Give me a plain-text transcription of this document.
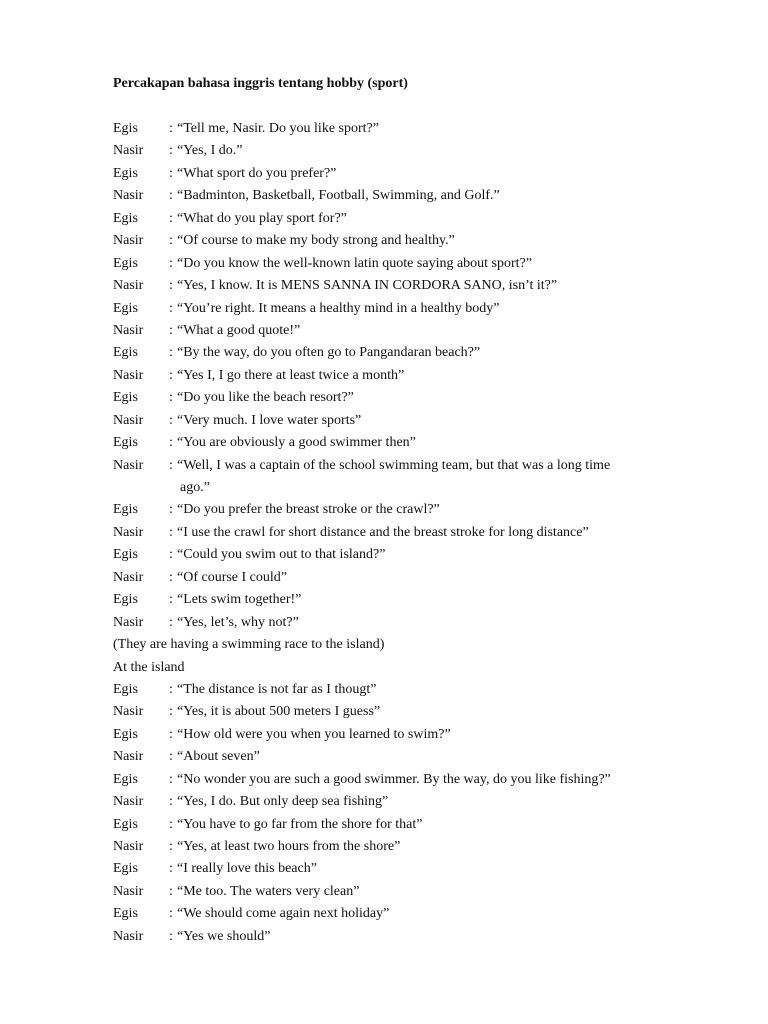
Percakapan bahasa inggris tentang hobby (sport)
Egis : “Tell me, Nasir. Do you like sport?”
Nasir : “Yes, I do.”
Egis : “What sport do you prefer?”
Nasir : “Badminton, Basketball, Football, Swimming, and Golf.”
Egis : “What do you play sport for?”
Nasir : “Of course to make my body strong and healthy.”
Egis : “Do you know the well-known latin quote saying about sport?”
Nasir : “Yes, I know. It is MENS SANNA IN CORDORA SANO, isn’t it?”
Egis : “You’re right. It means a healthy mind in a healthy body”
Nasir : “What a good quote!”
Egis : “By the way, do you often go to Pangandaran beach?”
Nasir : “Yes I, I go there at least twice a month”
Egis : “Do you like the beach resort?”
Nasir : “Very much. I love water sports”
Egis : “You are obviously a good swimmer then”
Nasir : “Well, I was a captain of the school swimming team, but that was a long time
ago.”
Egis : “Do you prefer the breast stroke or the crawl?”
Nasir : “I use the crawl for short distance and the breast stroke for long distance”
Egis : “Could you swim out to that island?”
Nasir : “Of course I could”
Egis : “Lets swim together!”
Nasir : “Yes, let’s, why not?”
(They are having a swimming race to the island)
At the island
Egis : “The distance is not far as I thougt”
Nasir : “Yes, it is about 500 meters I guess”
Egis : “How old were you when you learned to swim?”
Nasir : “About seven”
Egis : “No wonder you are such a good swimmer. By the way, do you like fishing?”
Nasir : “Yes, I do. But only deep sea fishing”
Egis : “You have to go far from the shore for that”
Nasir : “Yes, at least two hours from the shore”
Egis : “I really love this beach”
Nasir : “Me too. The waters very clean”
Egis : “We should come again next holiday”
Nasir : “Yes we should”
